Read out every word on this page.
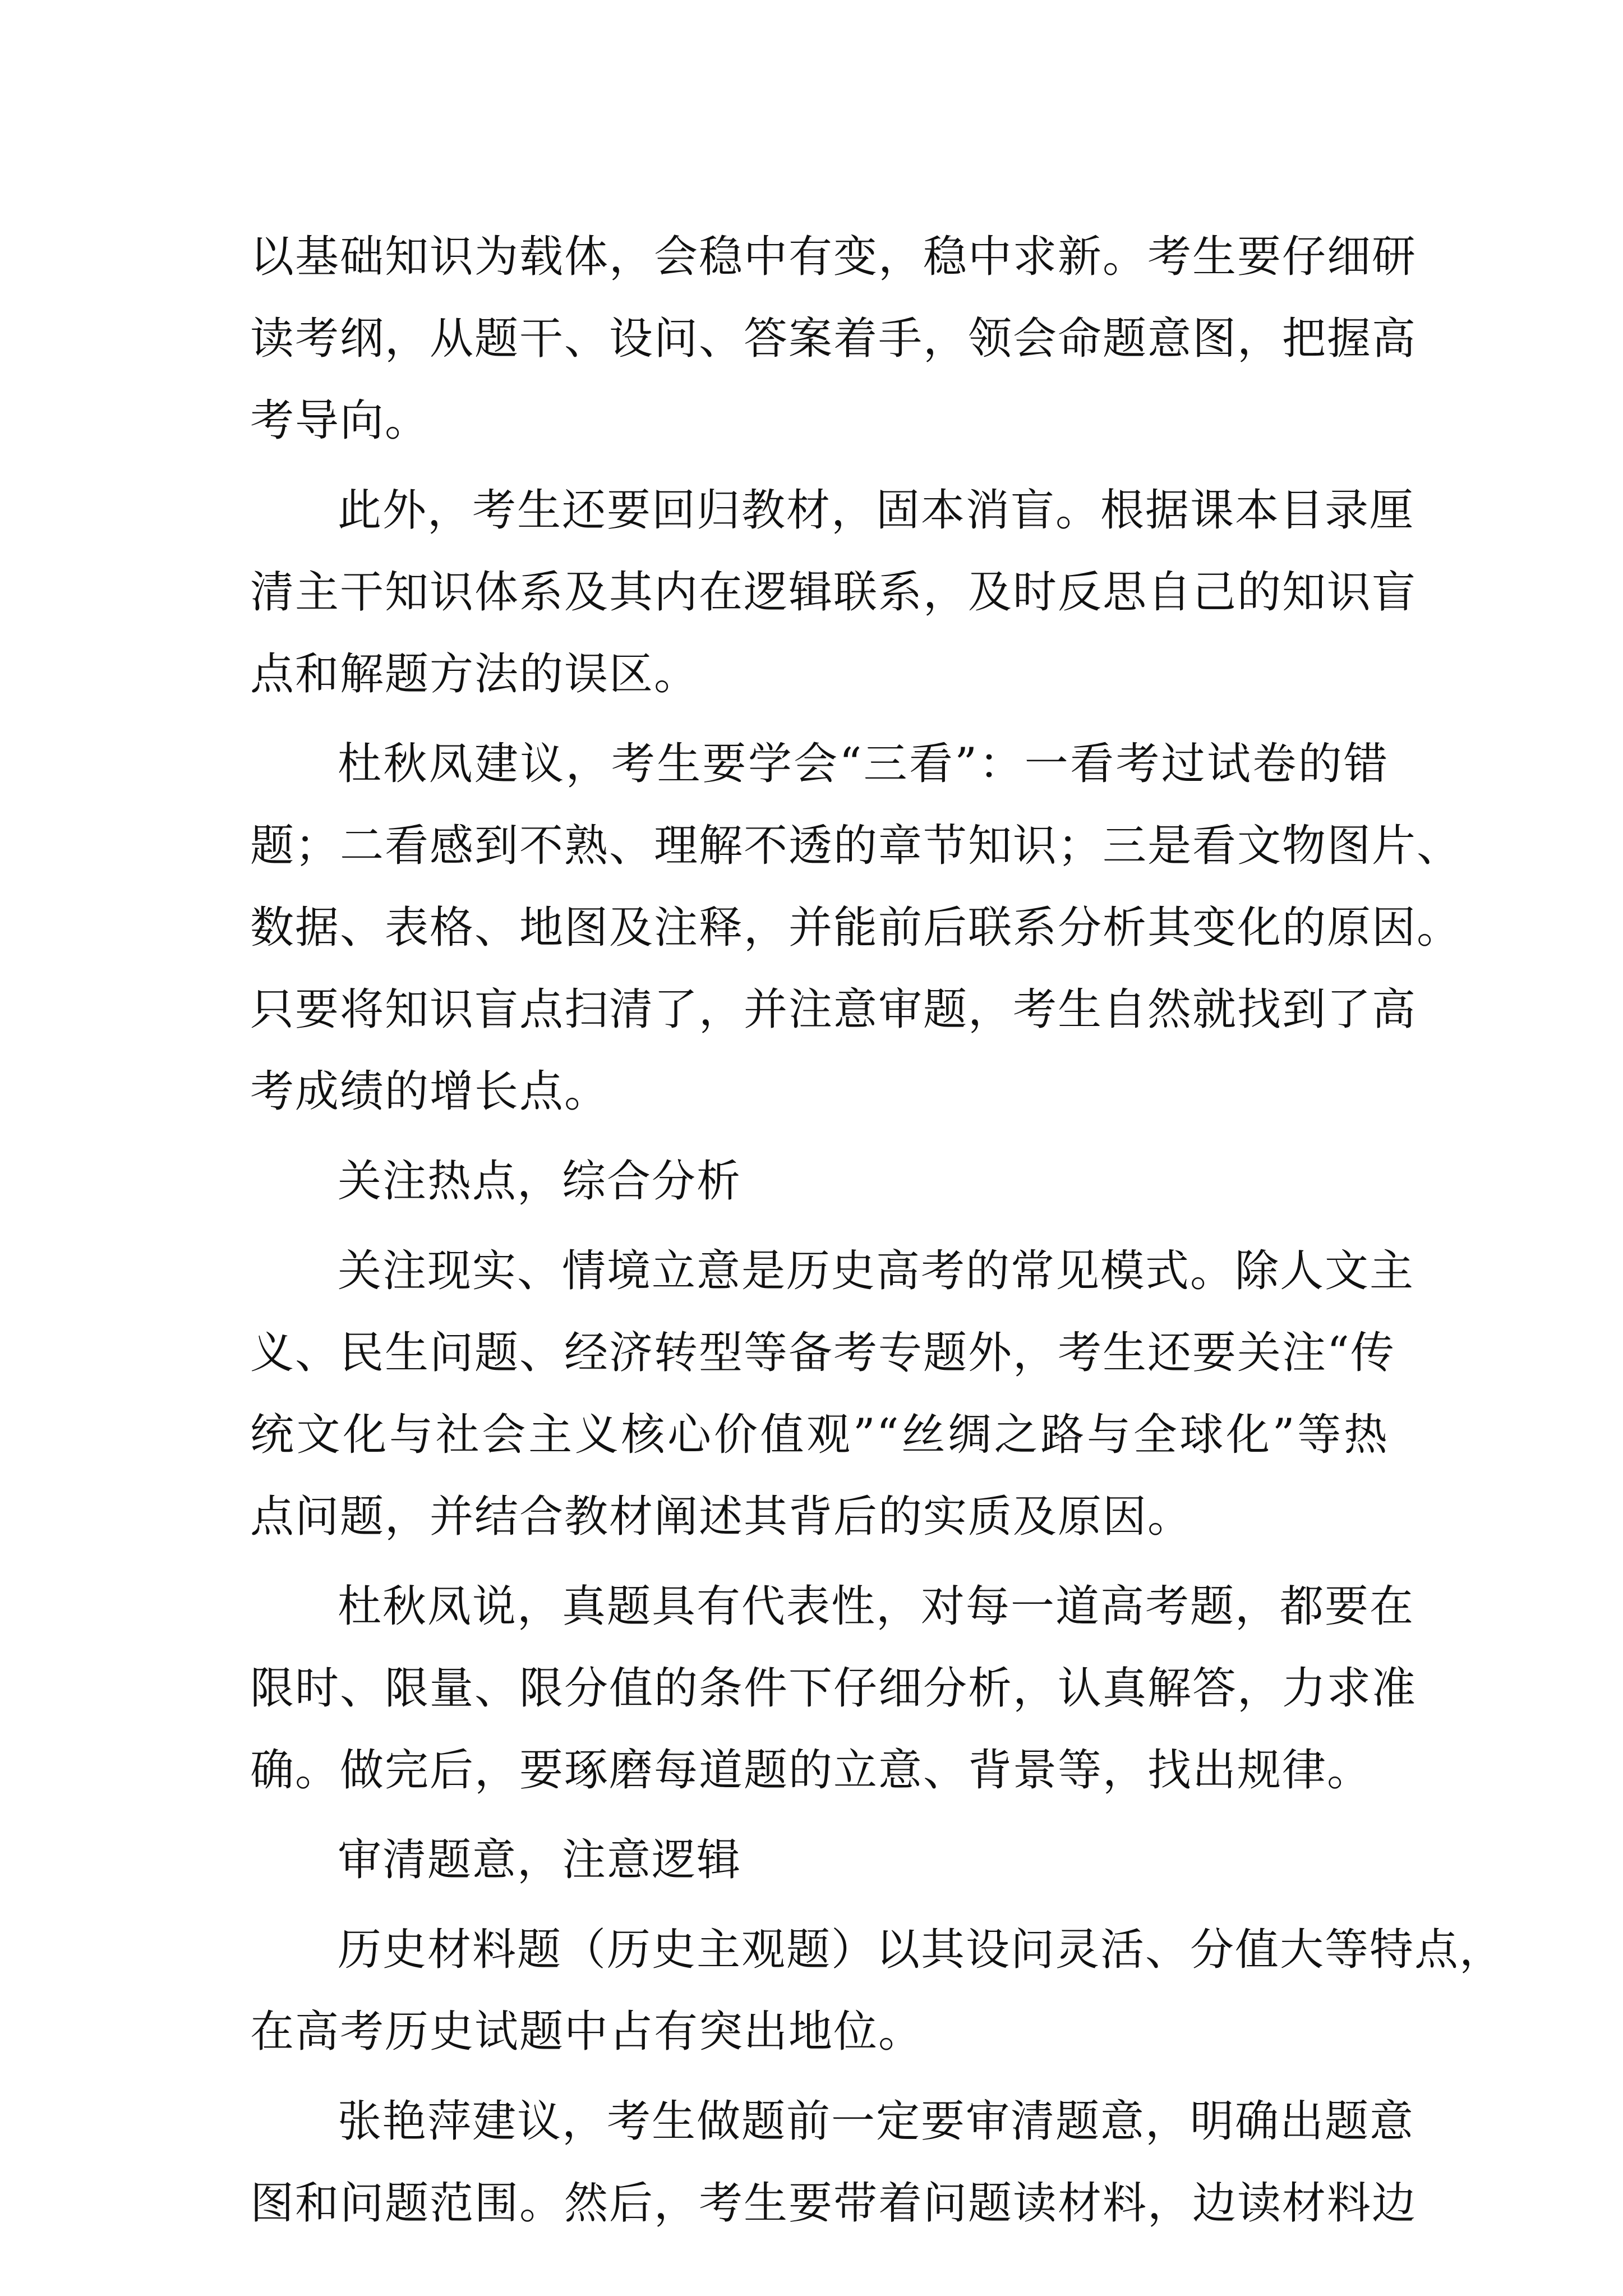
以基础知识为载体，会稳中有变，稳中求新。考生要仔细研
读考纲，从题干、设问、答案着手，领会命题意图，把握高
考导向。
此外，考生还要回归教材，固本消盲。根据课本目录厘
清主干知识体系及其内在逻辑联系，及时反思自己的知识盲
点和解题方法的误区。
杜秋凤建议，考生要学会“三看”：一看考过试卷的错
题；二看感到不熟、理解不透的章节知识；三是看文物图片、
数据、表格、地图及注释，并能前后联系分析其变化的原因。
只要将知识盲点扫清了，并注意审题，考生自然就找到了高
考成绩的增长点。
关注热点，综合分析
关注现实、情境立意是历史高考的常见模式。除人文主
义、民生问题、经济转型等备考专题外，考生还要关注“传
统文化与社会主义核心价值观”“丝绸之路与全球化”等热
点问题，并结合教材阐述其背后的实质及原因。
杜秋凤说，真题具有代表性，对每一道高考题，都要在
限时、限量、限分值的条件下仔细分析，认真解答，力求准
确。做完后，要琢磨每道题的立意、背景等，找出规律。
审清题意，注意逻辑
历史材料题（历史主观题）以其设问灵活、分值大等特点，
在高考历史试题中占有突出地位。
张艳萍建议，考生做题前一定要审清题意，明确出题意
图和问题范围。然后，考生要带着问题读材料，边读材料边
